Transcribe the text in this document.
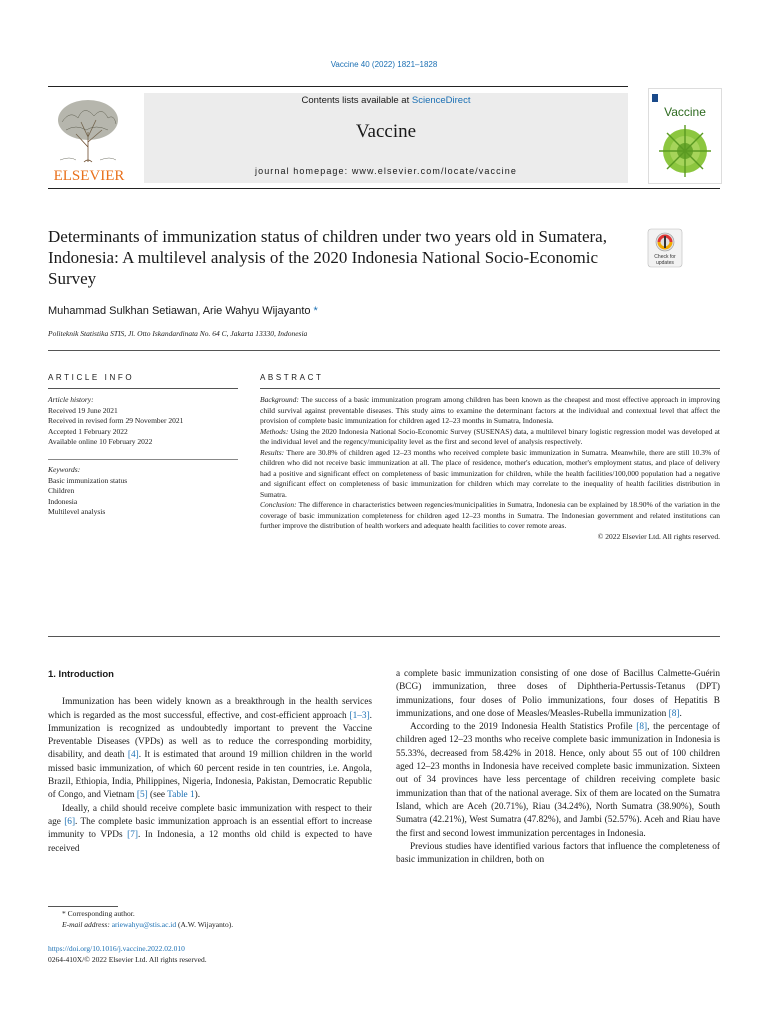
Vaccine 40 (2022) 1821–1828
ELSEVIER
Contents lists available at ScienceDirect
Vaccine
journal homepage: www.elsevier.com/locate/vaccine
Vaccine
Determinants of immunization status of children under two years old in Sumatera, Indonesia: A multilevel analysis of the 2020 Indonesia National Socio-Economic Survey
Check for
updates
Muhammad Sulkhan Setiawan, Arie Wahyu Wijayanto *
Politeknik Statistika STIS, Jl. Otto Iskandardinata No. 64 C, Jakarta 13330, Indonesia
ARTICLE INFO	ABSTRACT
Article history:
Received 19 June 2021
Received in revised form 29 November 2021
Accepted 1 February 2022
Available online 10 February 2022
Keywords:
Basic immunization status
Children
Indonesia
Multilevel analysis

Background: The success of a basic immunization program among children has been known as the cheapest and most effective approach in improving child survival against preventable diseases. This study aims to examine the determinant factors at the individual and contextual level that affect the provision of complete basic immunization for children aged 12–23 months in Sumatra, Indonesia.

Methods: Using the 2020 Indonesia National Socio-Economic Survey (SUSENAS) data, a multilevel binary logistic regression model was developed at the individual level and the regency/municipality level as the first and second level of analysis respectively.

Results: There are 30.8% of children aged 12–23 months who received complete basic immunization in Sumatra. Meanwhile, there are still 10.3% of children who did not receive basic immunization at all. The place of residence, mother's education, mother's employment status, and place of delivery had a positive and significant effect on completeness of basic immunization for children, while the health facilities/100,000 population had a negative and significant effect on completeness of basic immunization for children which may correlate to the inequality of health facilities distribution in Sumatra.

Conclusion: The difference in characteristics between regencies/municipalities in Sumatra, Indonesia can be explained by 18.90% of the variation in the coverage of basic immunization completeness for children aged 12–23 months in Sumatra. The Indonesian government and related institutions can further improve the distribution of health workers and adequate health facilities to cover remote areas.

© 2022 Elsevier Ltd. All rights reserved.

1. Introduction

Immunization has been widely known as a breakthrough in the health services which is regarded as the most successful, effective, and cost-efficient approach [1–3]. Immunization is recognized as undoubtedly important to prevent the Vaccine Preventable Diseases (VPDs) as well as to reduce the corresponding morbidity, disability, and death [4]. It is estimated that around 19 million children in the world missed basic immunization, of which 60 percent reside in ten countries, i.e. Angola, Brazil, Ethiopia, India, Philippines, Nigeria, Indonesia, Pakistan, Democratic Republic of Congo, and Vietnam [5] (see Table 1).

Ideally, a child should receive complete basic immunization with respect to their age [6]. The complete basic immunization approach is an essential effort to increase immunity to VPDs [7]. In Indonesia, a 12 months old child is expected to have received

a complete basic immunization consisting of one dose of Bacillus Calmette-Guérin (BCG) immunization, three doses of Diphtheria-Pertussis-Tetanus (DPT) immunizations, four doses of Polio immunizations, four doses of Hepatitis B immunizations, and one dose of Measles/Measles-Rubella immunization [8].

According to the 2019 Indonesia Health Statistics Profile [8], the percentage of children aged 12–23 months who receive complete basic immunization in Indonesia is 55.33%, decreased from 58.42% in 2018. Hence, only about 55 out of 100 children aged 12–23 months in Indonesia have received complete basic immunization. Sixteen out of 34 provinces have less percentage of children receiving complete basic immunization than that of the national average. Six of them are located on the Sumatra Island, which are Aceh (20.71%), Riau (34.24%), North Sumatra (38.90%), South Sumatra (42.21%), West Sumatra (47.82%), and Jambi (52.57%). Aceh and Riau have the first and second lowest immunization percentages in Indonesia.

Previous studies have identified various factors that influence the completeness of basic immunization in children, both on

* Corresponding author.
E-mail address: ariewahyu@stis.ac.id (A.W. Wijayanto).
https://doi.org/10.1016/j.vaccine.2022.02.010
0264-410X/© 2022 Elsevier Ltd. All rights reserved.
